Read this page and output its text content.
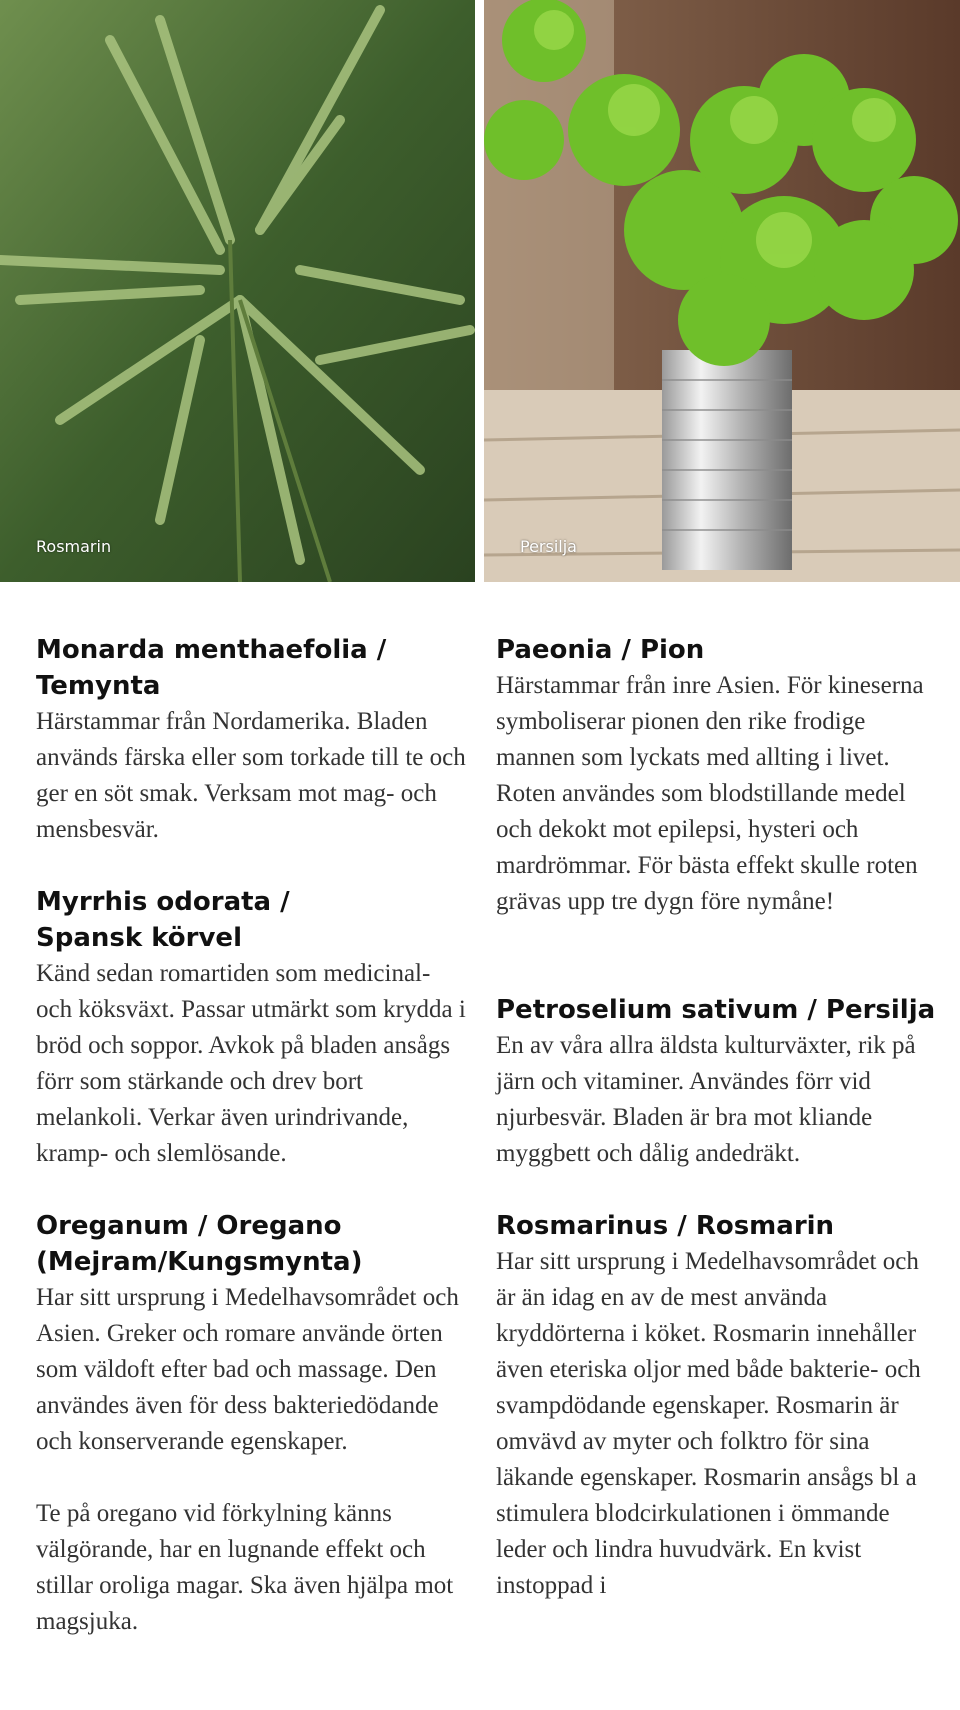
Rosmarin	Persilja
Monarda menthaefolia /
Temynta

Härstammar från Nordamerika. Bladen används färska eller som torkade till te och ger en söt smak. Verksam mot mag- och mensbesvär.

Myrrhis odorata /
Spansk körvel

Känd sedan romartiden som medicinal- och köksväxt. Passar utmärkt som krydda i bröd och soppor. Avkok på bladen ansågs förr som stärkande och drev bort melankoli. Verkar även urindrivande, kramp- och slemlösande.

Oreganum / Oregano
(Mejram/Kungsmynta)

Har sitt ursprung i Medelhavsområdet och Asien. Greker och romare använde örten som väldoft efter bad och massage. Den användes även för dess bakteriedödande och konserverande egenskaper.

Te på oregano vid förkylning känns välgörande, har en lugnande effekt och stillar oroliga magar. Ska även hjälpa mot magsjuka.

Paeonia / Pion

Härstammar från inre Asien. För kineserna symboliserar pionen den rike frodige mannen som lyckats med allting i livet. Roten användes som blodstillande medel och dekokt mot epilepsi, hysteri och mardrömmar. För bästa effekt skulle roten grävas upp tre dygn före nymåne!

Petroselium sativum / Persilja

En av våra allra äldsta kulturväxter, rik på järn och vitaminer. Användes förr vid njurbesvär. Bladen är bra mot kliande myggbett och dålig andedräkt.

Rosmarinus / Rosmarin

Har sitt ursprung i Medelhavsområdet och är än idag en av de mest använda kryddörterna i köket. Rosmarin innehåller även eteriska oljor med både bakterie- och svampdödande egenskaper. Rosmarin är omvävd av myter och folktro för sina läkande egenskaper. Rosmarin ansågs bl a stimulera blodcirkulationen i ömmande leder och lindra huvudvärk. En kvist instoppad i
